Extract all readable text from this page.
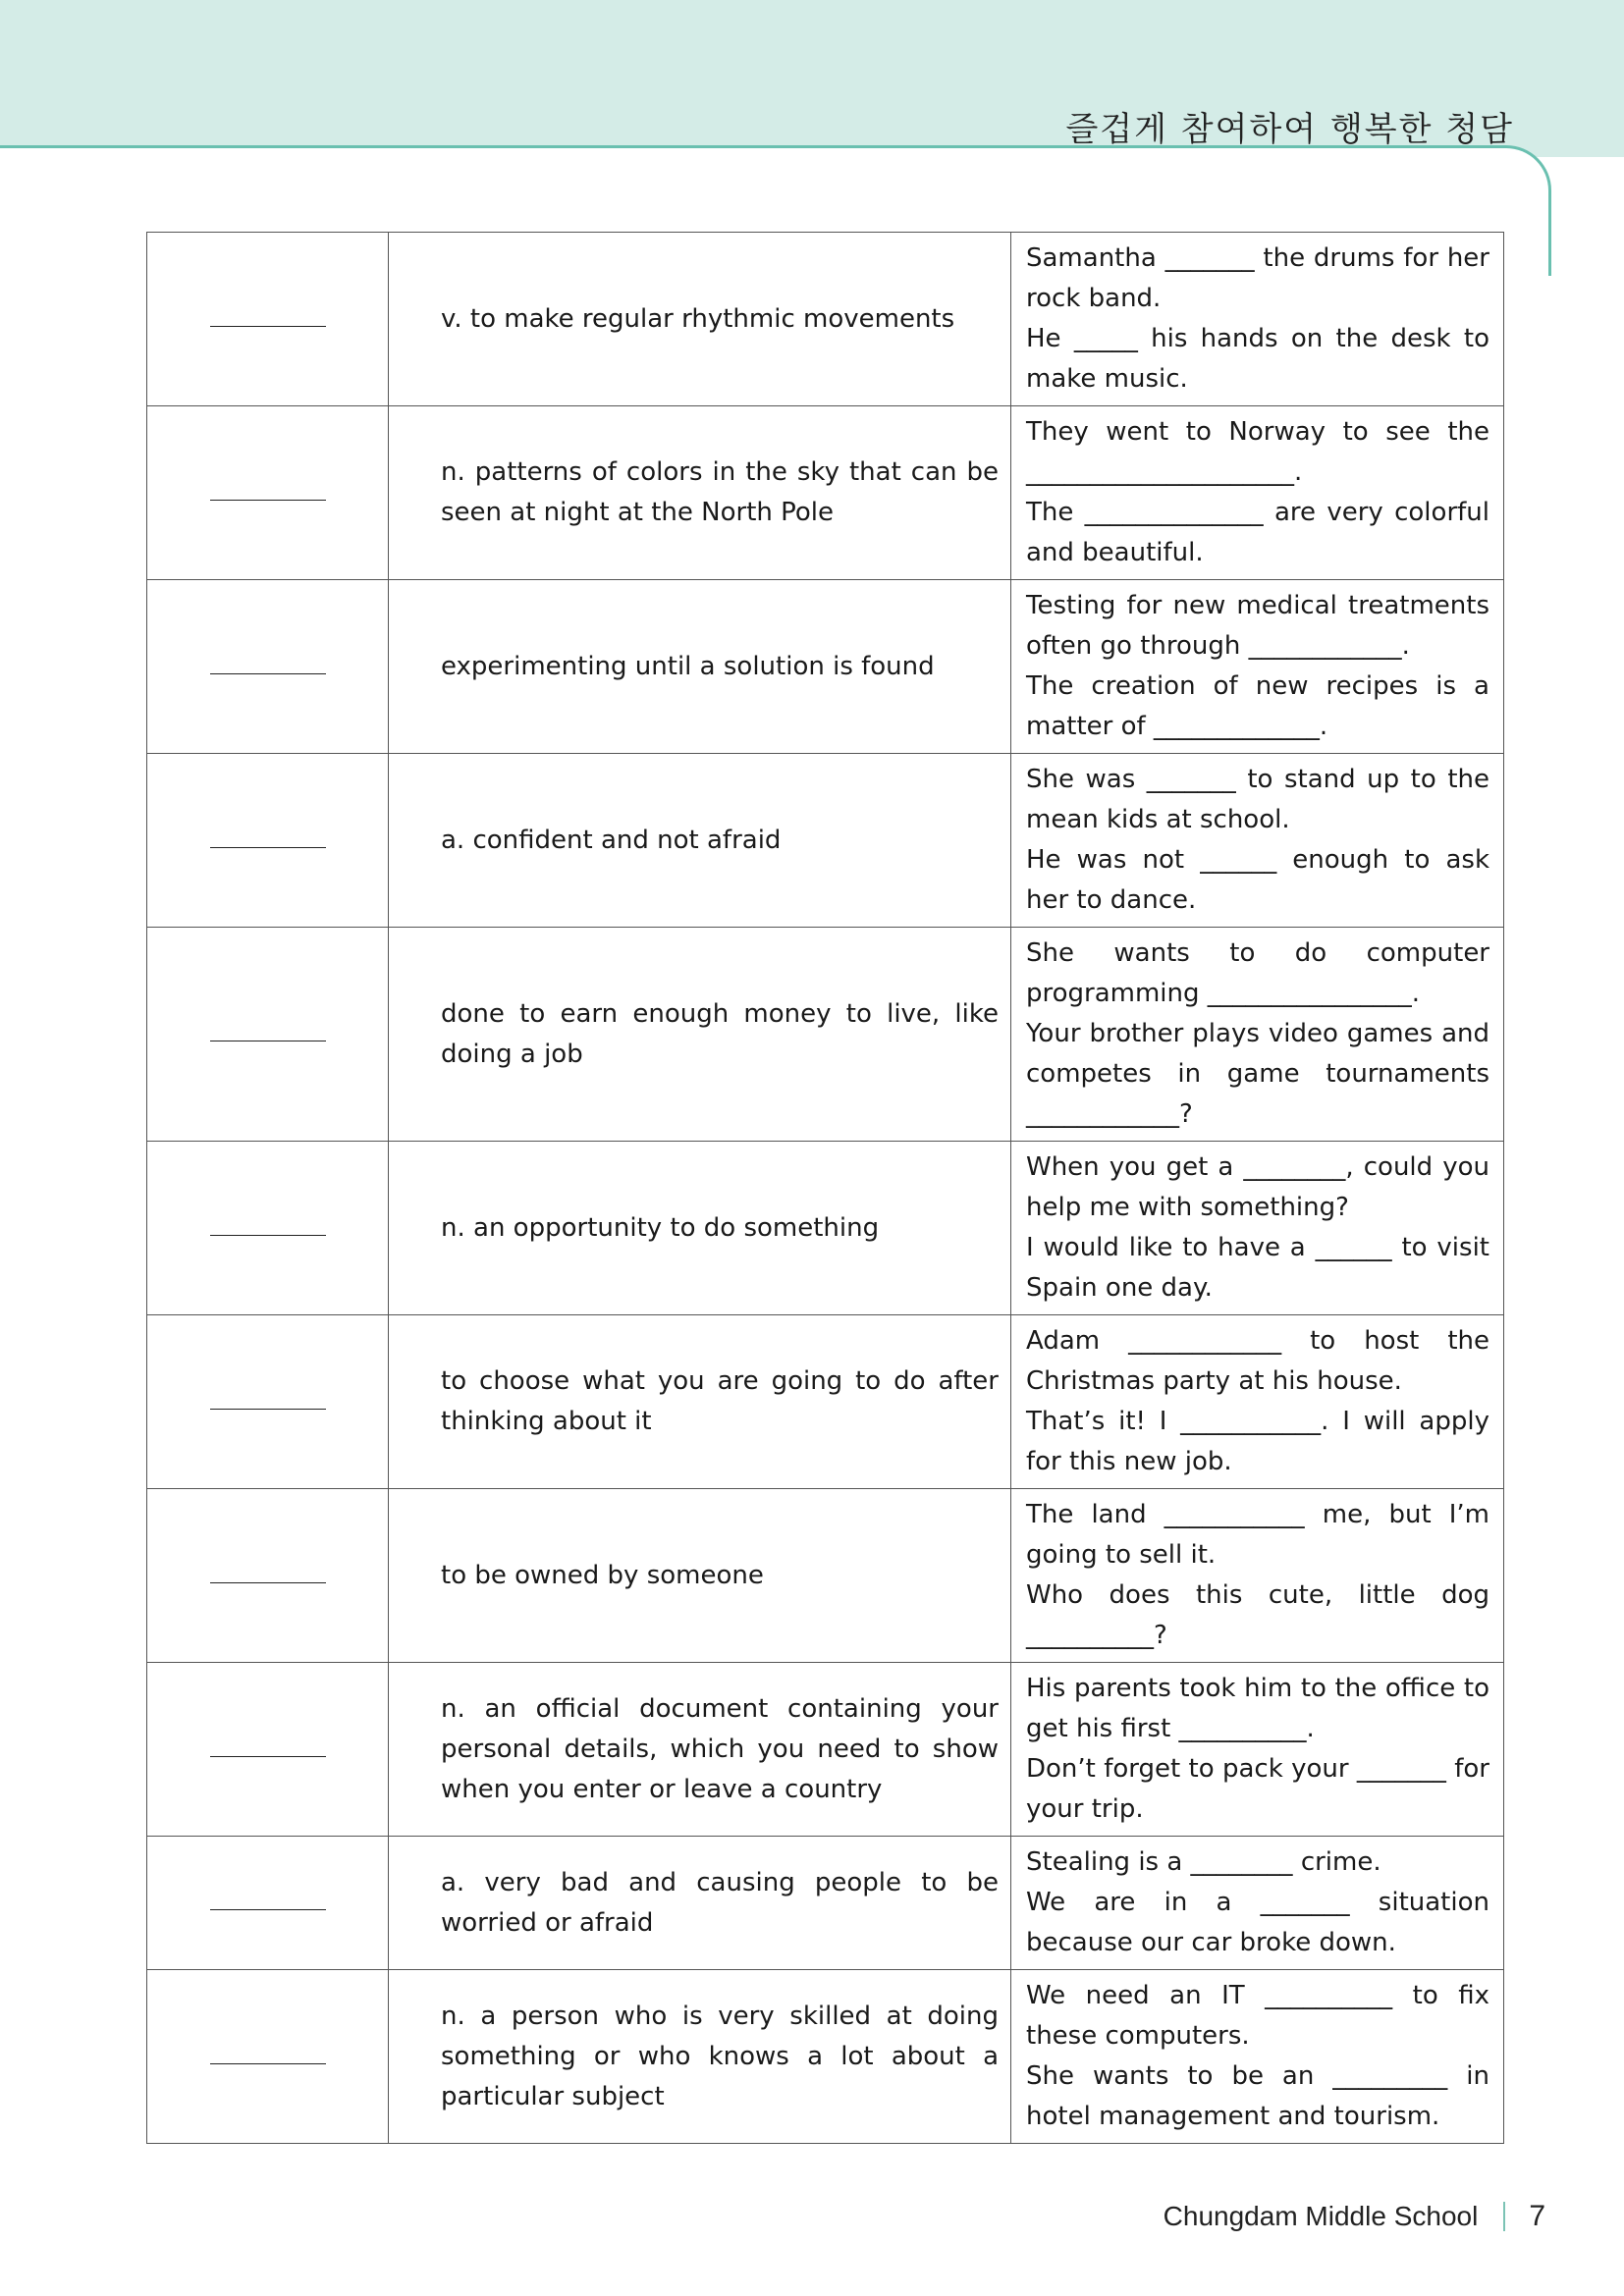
즐겁게 참여하여 행복한 청담
	v. to make regular rhythmic movements	Samantha _______ the drums for her rock band.
He _____ his hands on the desk to make music.

	n. patterns of colors in the sky that can be seen at night at the North Pole	They went to Norway to see the _____________________.
The ______________ are very colorful and beautiful.

	experimenting until a solution is found	Testing for new medical treatments often go through ____________.
The creation of new recipes is a matter of _____________.

	a. confident and not afraid	She was _______ to stand up to the mean kids at school.
He was not ______ enough to ask her to dance.

	done to earn enough money to live, like doing a job	She wants to do computer programming ________________.
Your brother plays video games and competes in game tournaments ____________?

	n. an opportunity to do something	When you get a ________, could you help me with something?
I would like to have a ______ to visit Spain one day.

	to choose what you are going to do after thinking about it	Adam ____________ to host the Christmas party at his house.
That’s it! I ___________. I will apply for this new job.

	to be owned by someone	The land ___________ me, but I’m going to sell it.
Who does this cute, little dog __________?

	n. an official document containing your personal details, which you need to show when you enter or leave a country	His parents took him to the office to get his first __________.
Don’t forget to pack your _______ for your trip.

	a. very bad and causing people to be worried or afraid	Stealing is a ________ crime.
We are in a _______ situation because our car broke down.

	n. a person who is very skilled at doing something or who knows a lot about a particular subject	We need an IT __________ to fix these computers.
She wants to be an _________ in hotel management and tourism.
Chungdam Middle School 7
